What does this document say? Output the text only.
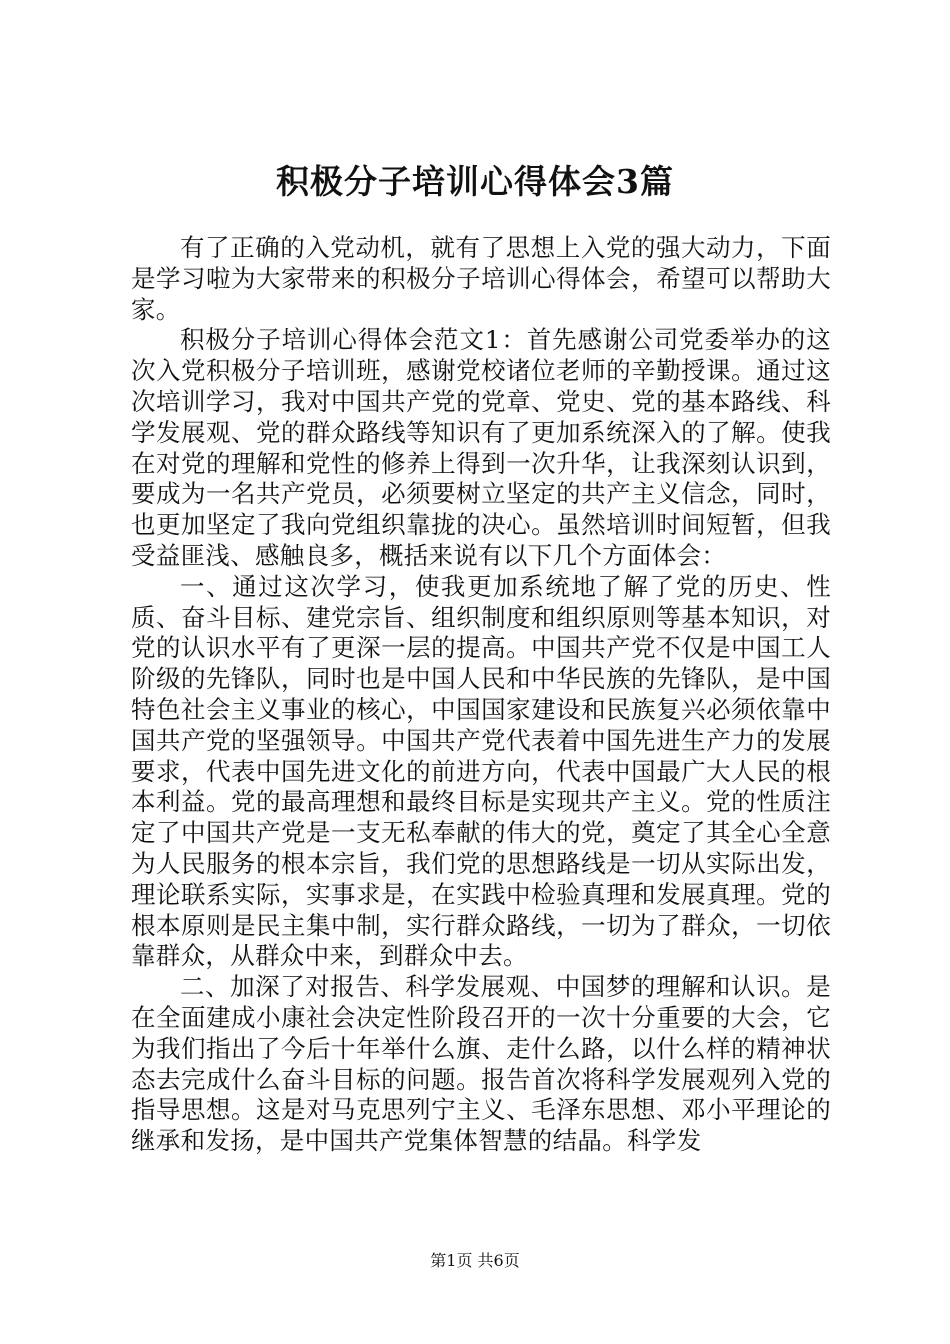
积极分子培训心得体会3篇

有了正确的入党动机，就有了思想上入党的强大动力，下面是学习啦为大家带来的积极分子培训心得体会，希望可以帮助大家。

积极分子培训心得体会范文1：首先感谢公司党委举办的这次入党积极分子培训班，感谢党校诸位老师的辛勤授课。通过这次培训学习，我对中国共产党的党章、党史、党的基本路线、科学发展观、党的群众路线等知识有了更加系统深入的了解。使我在对党的理解和党性的修养上得到一次升华，让我深刻认识到，要成为一名共产党员，必须要树立坚定的共产主义信念，同时，也更加坚定了我向党组织靠拢的决心。虽然培训时间短暂，但我受益匪浅、感触良多，概括来说有以下几个方面体会：

一、通过这次学习，使我更加系统地了解了党的历史、性质、奋斗目标、建党宗旨、组织制度和组织原则等基本知识，对党的认识水平有了更深一层的提高。中国共产党不仅是中国工人阶级的先锋队，同时也是中国人民和中华民族的先锋队，是中国特色社会主义事业的核心，中国国家建设和民族复兴必须依靠中国共产党的坚强领导。中国共产党代表着中国先进生产力的发展要求，代表中国先进文化的前进方向，代表中国最广大人民的根本利益。党的最高理想和最终目标是实现共产主义。党的性质注定了中国共产党是一支无私奉献的伟大的党，奠定了其全心全意为人民服务的根本宗旨，我们党的思想路线是一切从实际出发，理论联系实际，实事求是，在实践中检验真理和发展真理。党的根本原则是民主集中制，实行群众路线，一切为了群众，一切依靠群众，从群众中来，到群众中去。

二、加深了对报告、科学发展观、中国梦的理解和认识。是在全面建成小康社会决定性阶段召开的一次十分重要的大会，它为我们指出了今后十年举什么旗、走什么路，以什么样的精神状态去完成什么奋斗目标的问题。报告首次将科学发展观列入党的指导思想。这是对马克思列宁主义、毛泽东思想、邓小平理论的继承和发扬，是中国共产党集体智慧的结晶。科学发

第1页 共6页
